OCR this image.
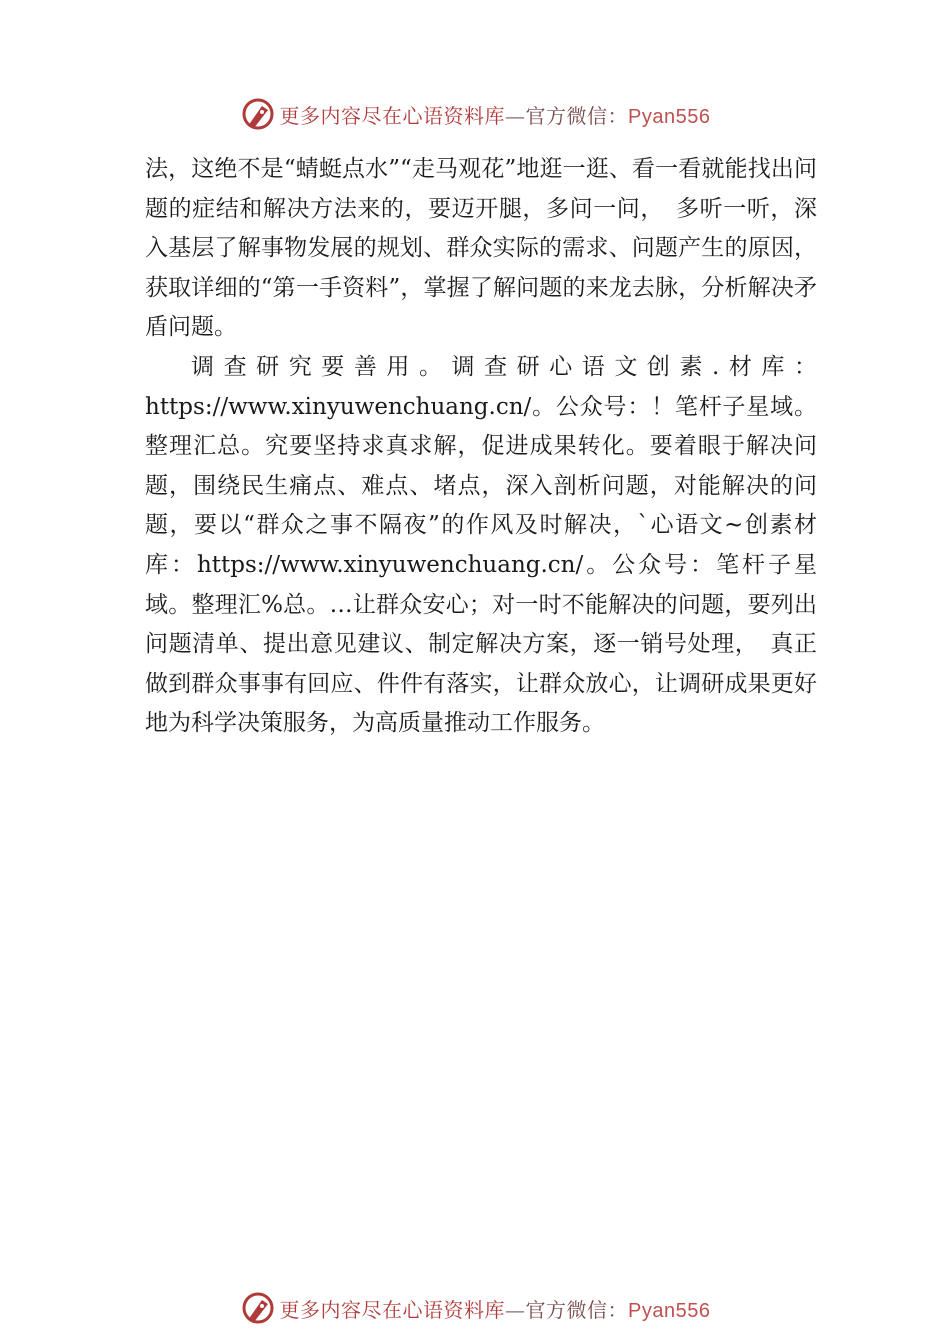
更多内容尽在心语资料库—官方微信：Pyan556

法，这绝不是“蜻蜓点水”“走马观花”地逛一逛、看一看就能找出问题的症结和解决方法来的，要迈开腿，多问一问，　多听一听，深入基层了解事物发展的规划、群众实际的需求、问题产生的原因，获取详细的“第一手资料”，掌握了解问题的来龙去脉，分析解决矛盾问题。

调查研究要善用。调查研心语文创素.材库：https://www.xinyuwenchuang.cn/。公众号：！笔杆子星域。整理汇总。究要坚持求真求解，促进成果转化。要着眼于解决问题，围绕民生痛点、难点、堵点，深入剖析问题，对能解决的问题，要以“群众之事不隔夜”的作风及时解决，`心语文~创素材库：https://www.xinyuwenchuang.cn/。公众号：笔杆子星域。整理汇%总。…让群众安心；对一时不能解决的问题，要列出问题清单、提出意见建议、制定解决方案，逐一销号处理，　真正做到群众事事有回应、件件有落实，让群众放心，让调研成果更好地为科学决策服务，为高质量推动工作服务。

更多内容尽在心语资料库—官方微信：Pyan556
